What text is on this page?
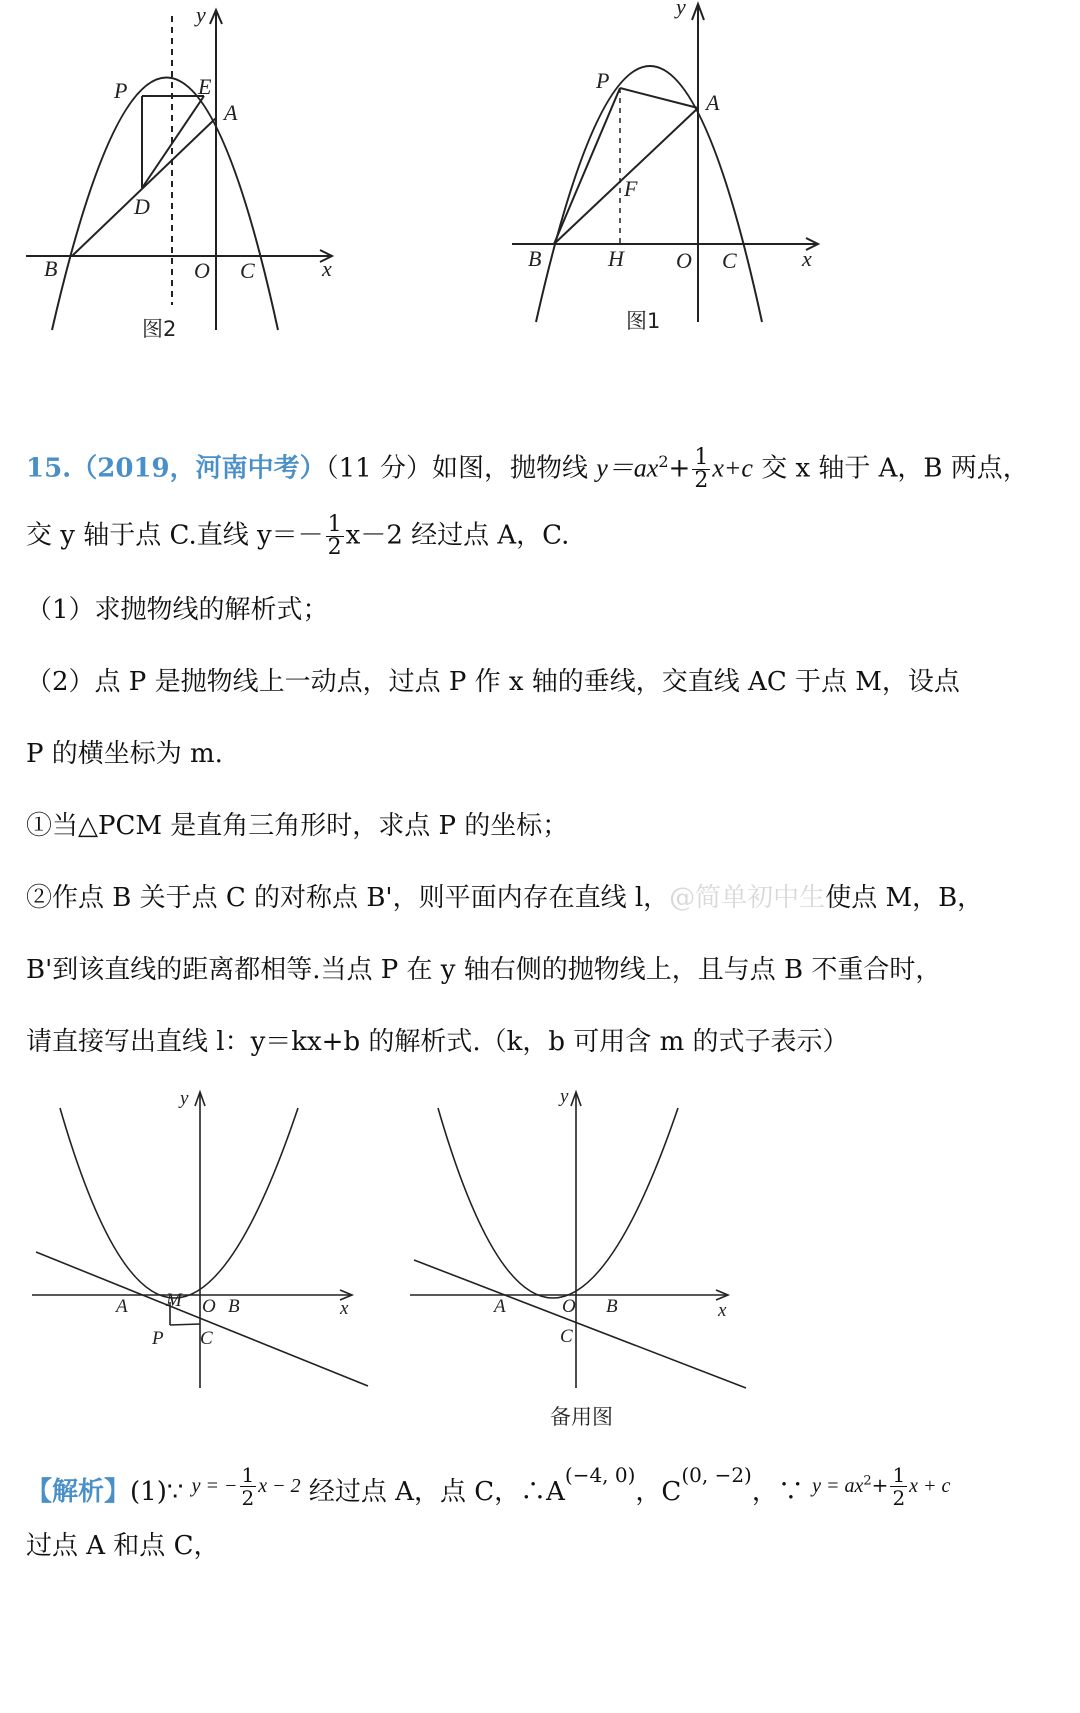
y
P	E
A
D
B	O C	x
图2
y
P
A
F
B	H O C	x
图1
15.（2019，河南中考）（11 分）如图，抛物线 $y=ax^2+ \frac{1}{2} x+c$ 交 x 轴于 A，B 两点，
交 y 轴于点 C.直线 $y=- \frac{1}{2} x-2$ 经过点 A，C.
（1）求抛物线的解析式；
（2）点 P 是抛物线上一动点，过点 P 作 x 轴的垂线，交直线 AC 于点 M，设点
P 的横坐标为 m.
①当△PCM 是直角三角形时，求点 P 的坐标；
②作点 B 关于点 C 的对称点 B'，则平面内存在直线 l，@简单初中生使点 M，B，
B'到该直线的距离都相等.当点 P 在 y 轴右侧的抛物线上，且与点 B 不重合时，
请直接写出直线 l：y＝kx+b 的解析式.（k，b 可用含 m 的式子表示）
y
A M O B
P C
x
y
A	O B
C
x
备用图
【解析】(1)∵ y = − $\frac{1}{2}$ x − 2 经过点 A，点 C，∴A(−4, 0)，C(0, −2)，∵ $y = ax^2+ \frac{1}{2}$ x + c
过点 A 和点 C，
